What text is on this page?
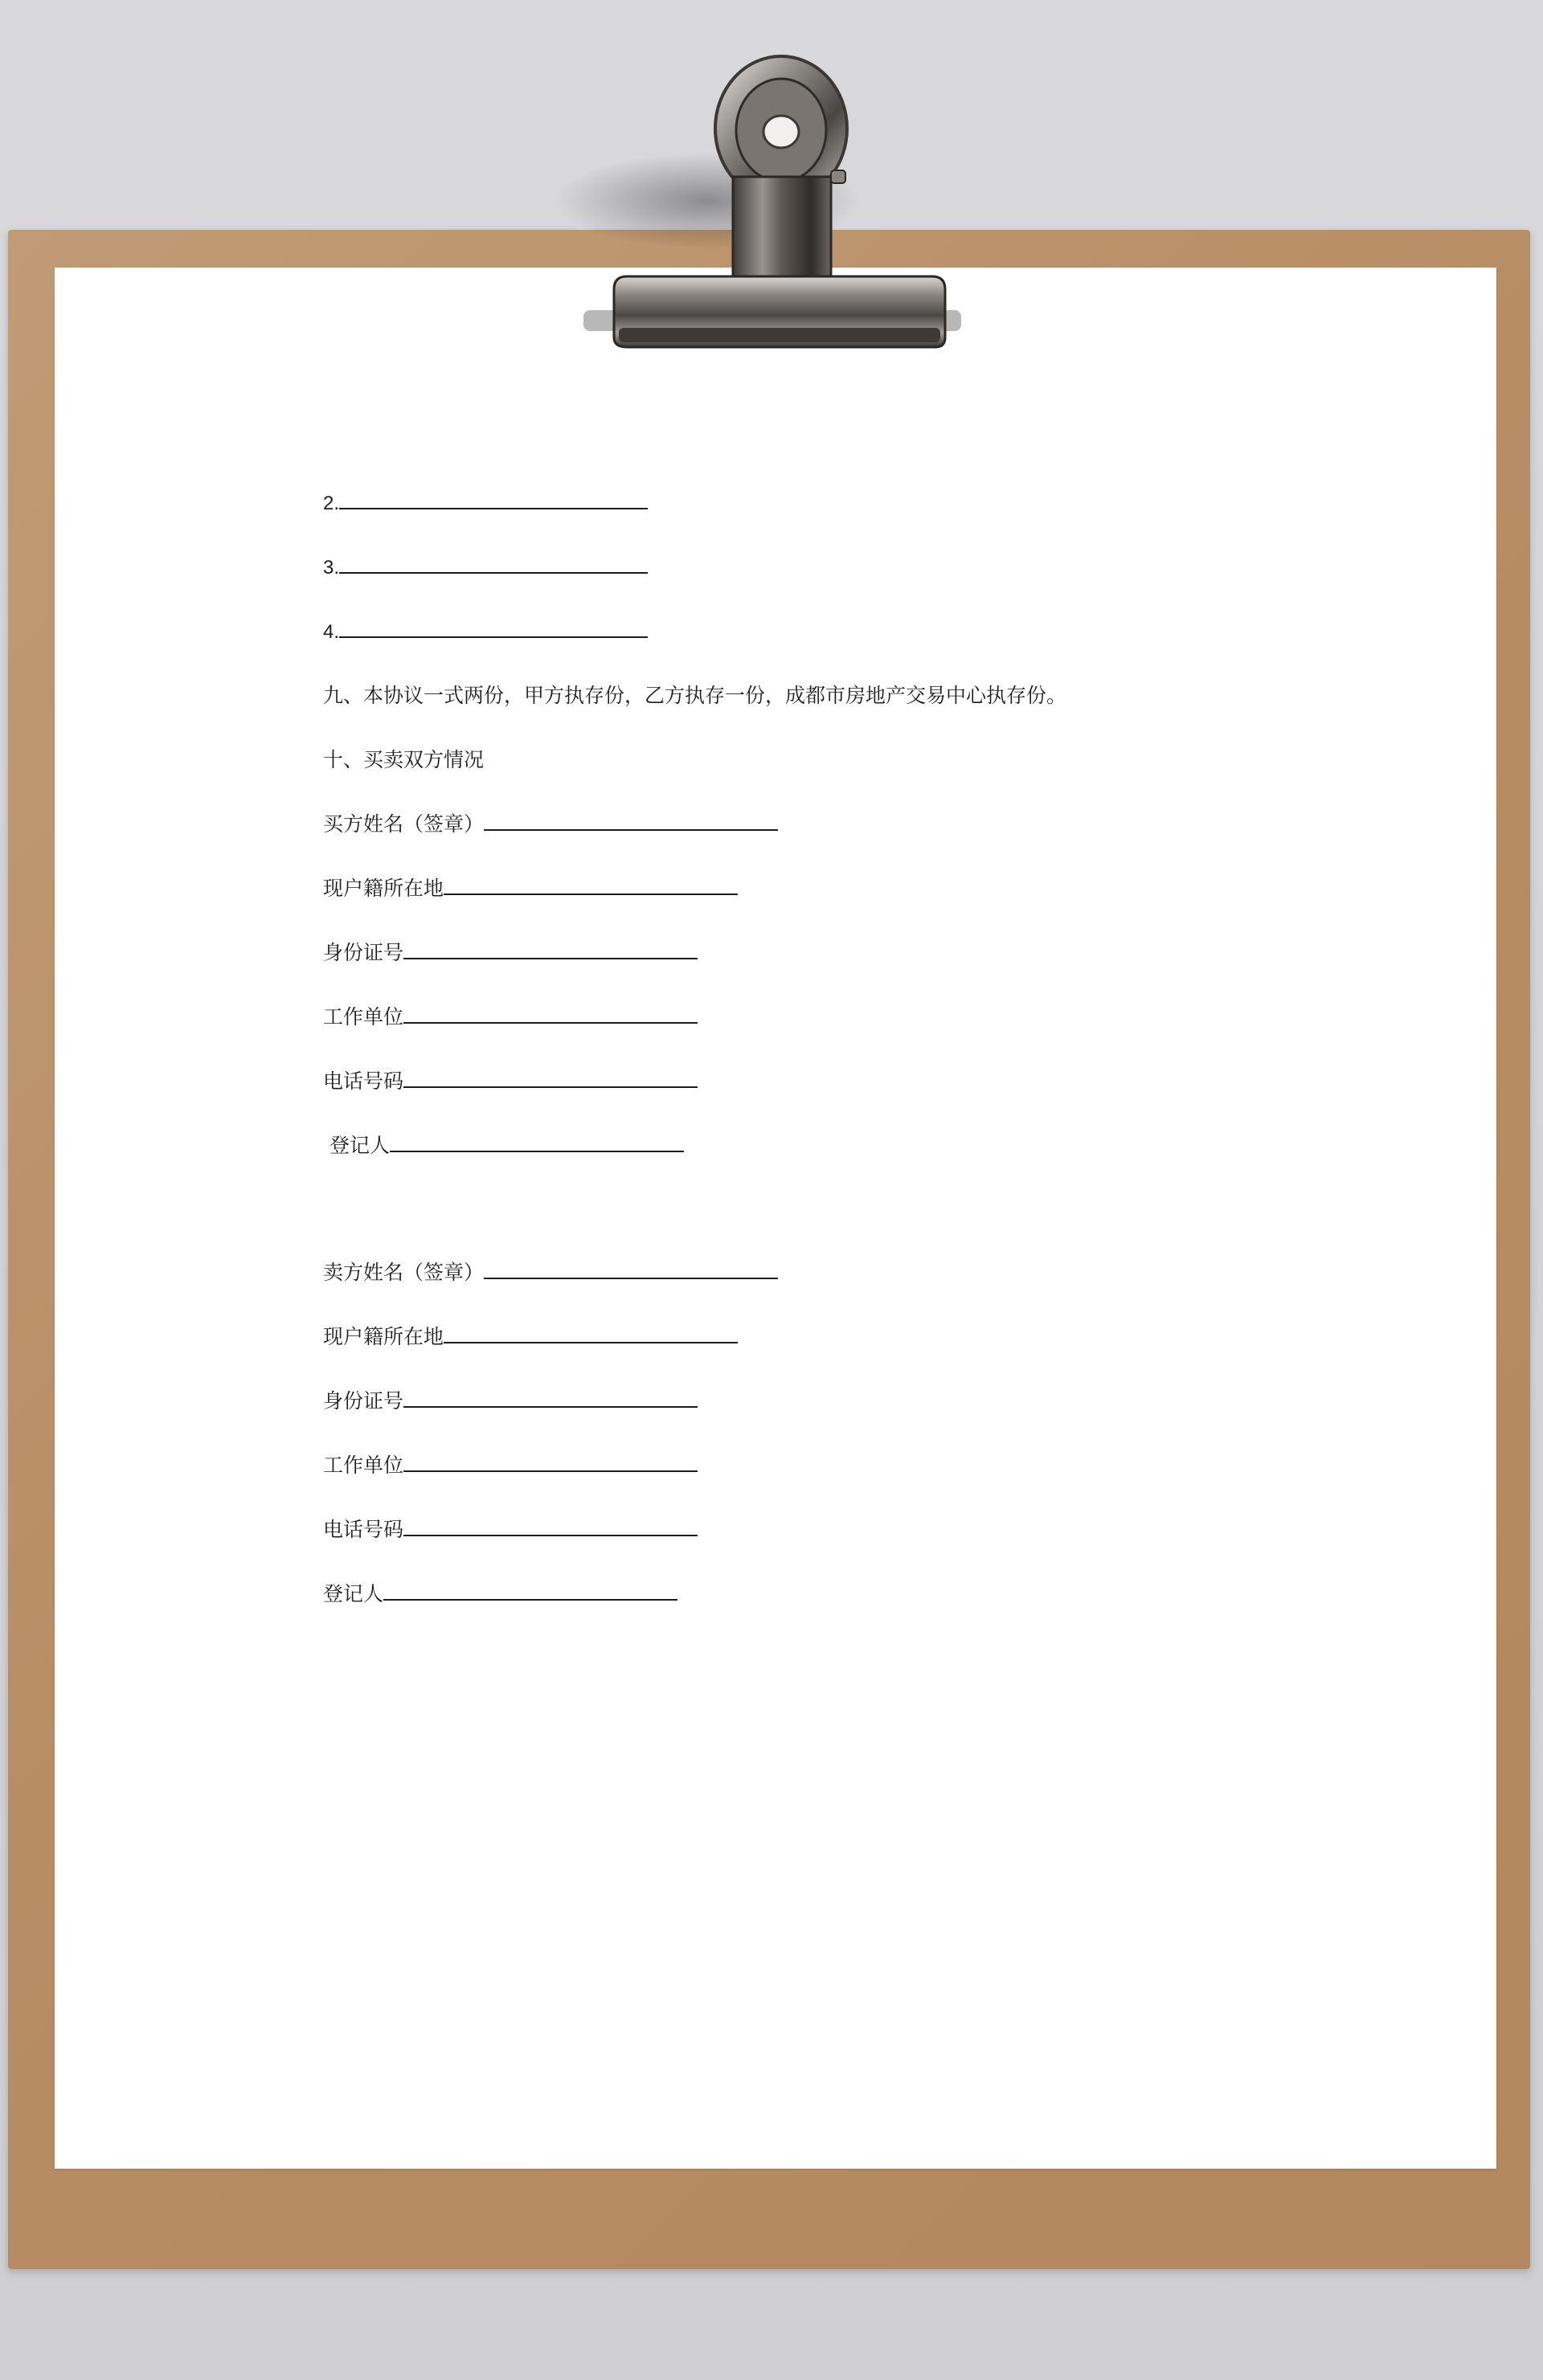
2.
3.
4.
九、本协议一式两份，甲方执存份，乙方执存一份，成都市房地产交易中心执存份。
十、买卖双方情况
买方姓名（签章）
现户籍所在地
身份证号
工作单位
电话号码
登记人
卖方姓名（签章）
现户籍所在地
身份证号
工作单位
电话号码
登记人
